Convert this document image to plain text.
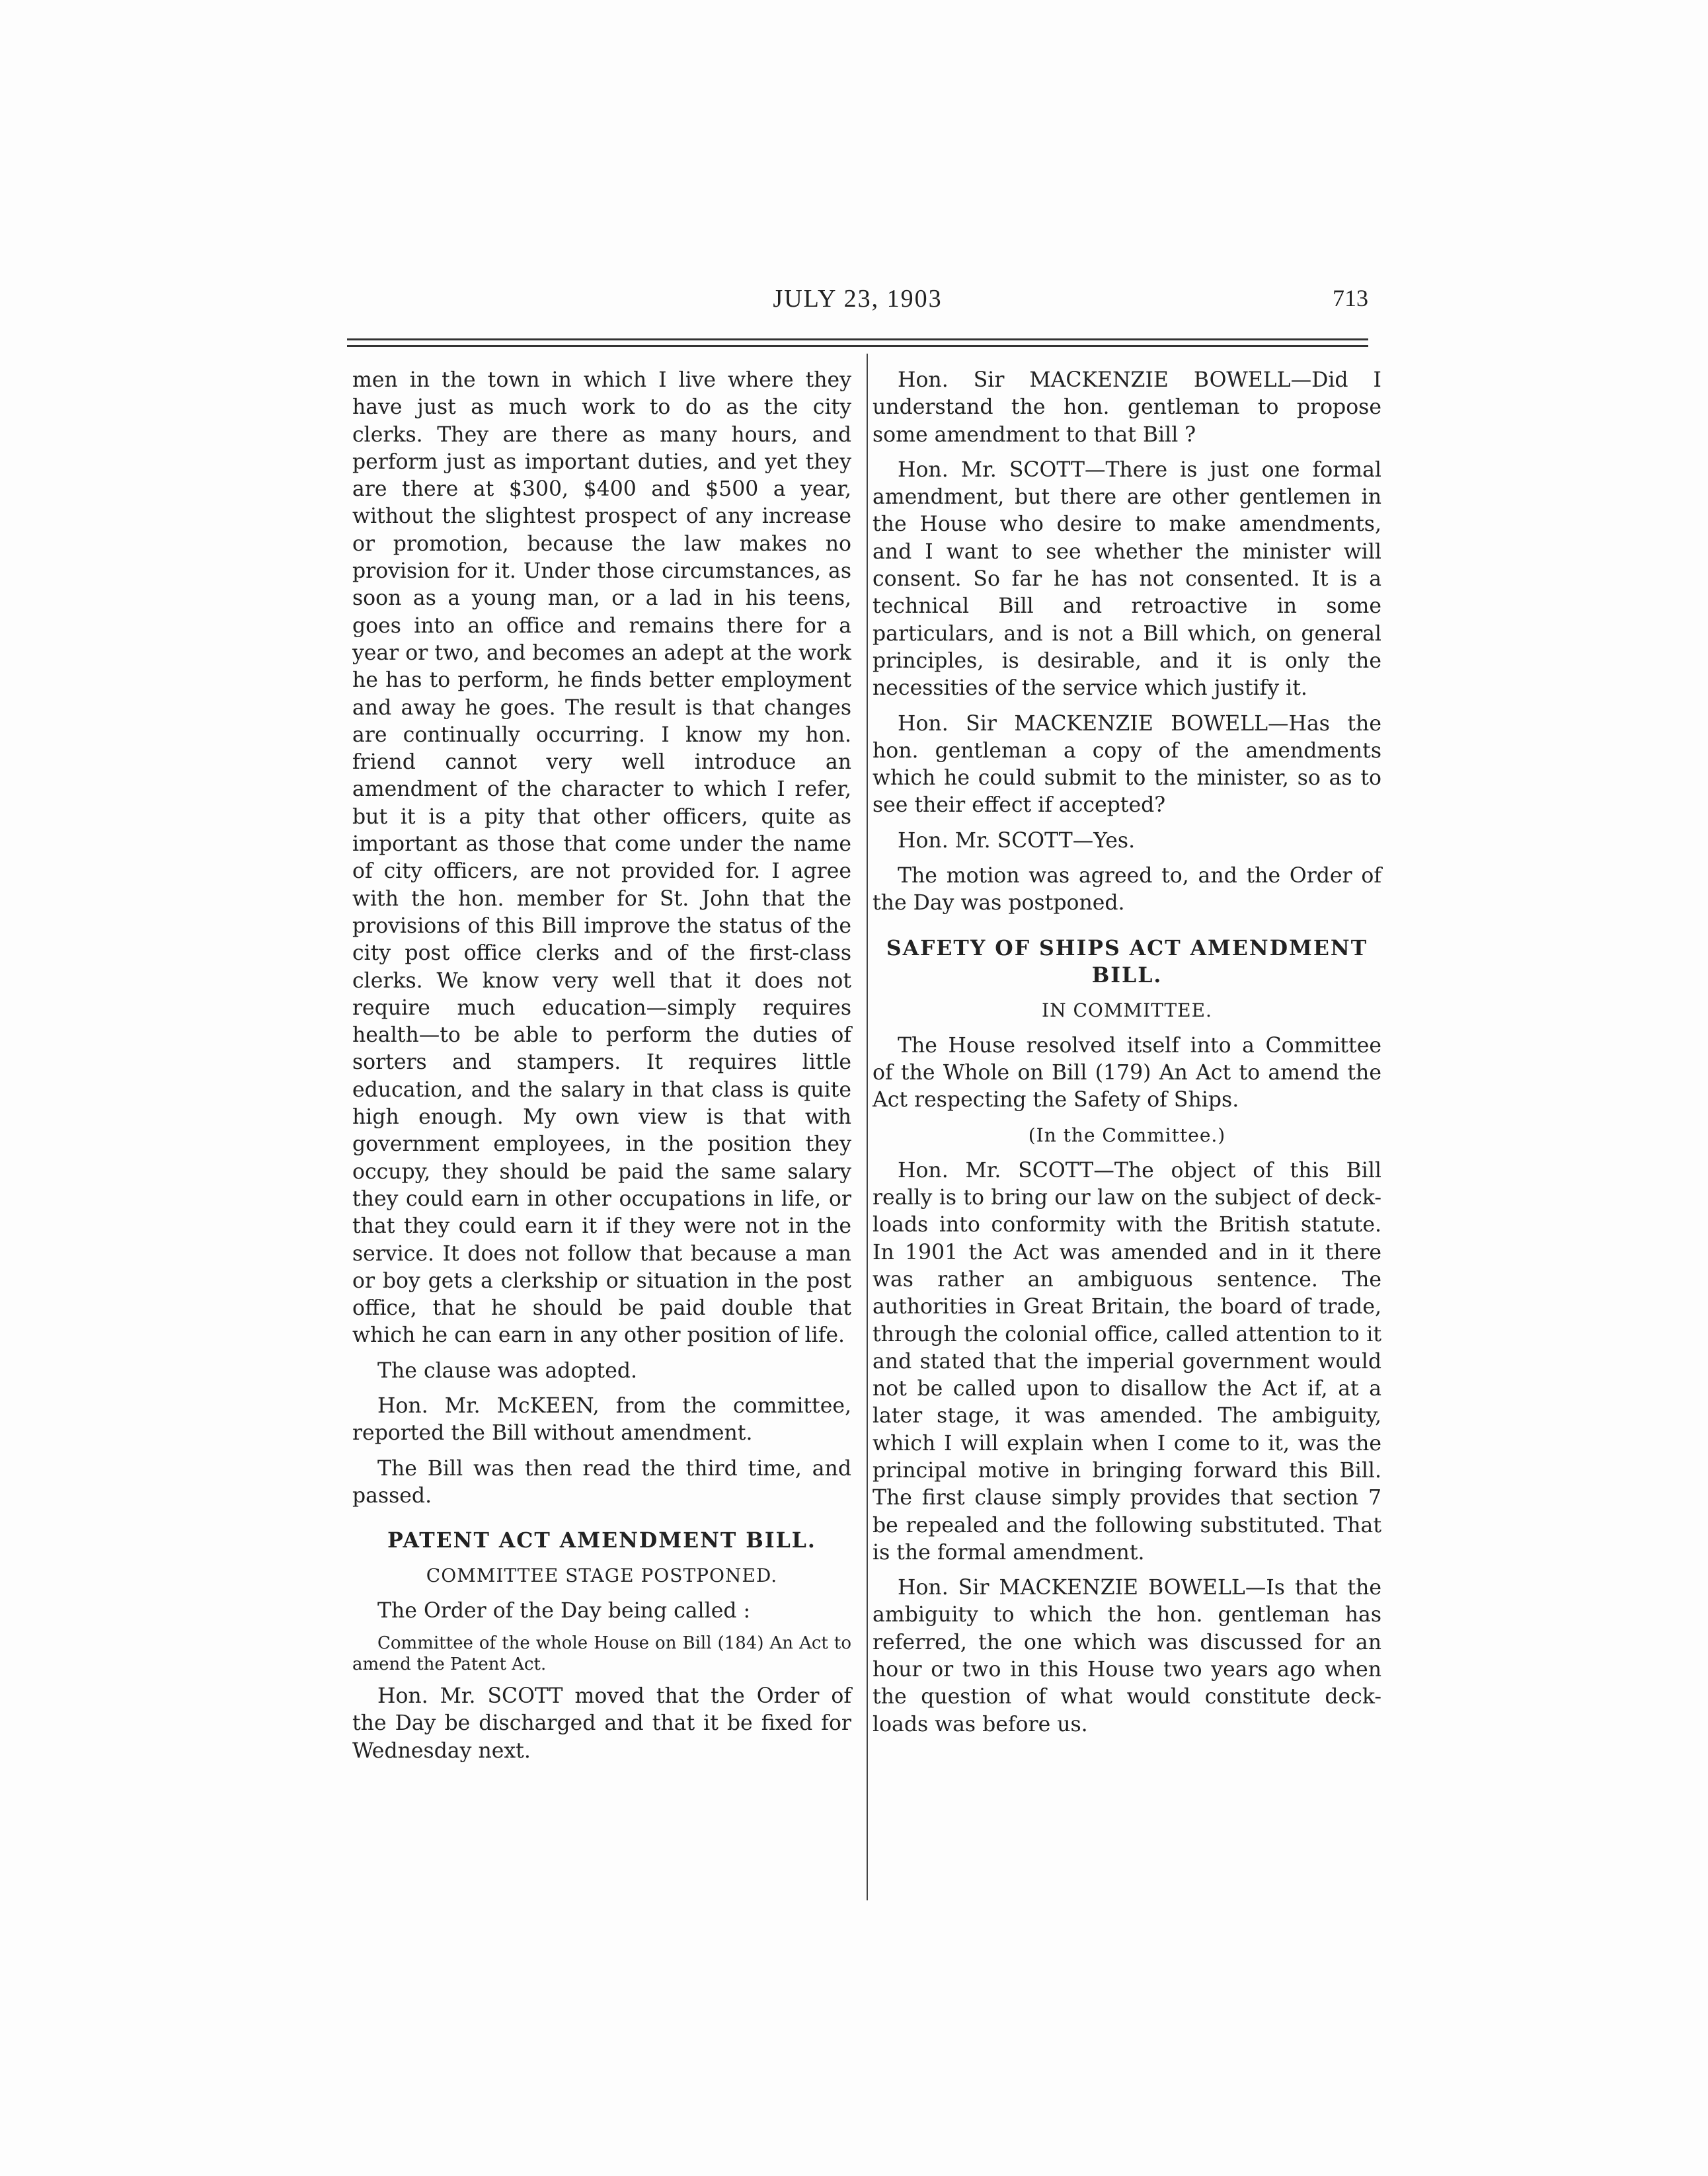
JULY 23, 1903	713

men in the town in which I live where they have just as much work to do as the city clerks. They are there as many hours, and perform just as important duties, and yet they are there at $300, $400 and $500 a year, without the slightest prospect of any increase or promotion, because the law makes no provision for it. Under those circumstances, as soon as a young man, or a lad in his teens, goes into an office and remains there for a year or two, and becomes an adept at the work he has to perform, he finds better employment and away he goes. The result is that changes are continually occurring. I know my hon. friend cannot very well introduce an amendment of the character to which I refer, but it is a pity that other officers, quite as important as those that come under the name of city officers, are not provided for. I agree with the hon. member for St. John that the provisions of this Bill improve the status of the city post office clerks and of the first-class clerks. We know very well that it does not require much education—simply requires health—to be able to perform the duties of sorters and stampers. It requires little education, and the salary in that class is quite high enough. My own view is that with government employees, in the position they occupy, they should be paid the same salary they could earn in other occupations in life, or that they could earn it if they were not in the service. It does not follow that because a man or boy gets a clerkship or situation in the post office, that he should be paid double that which he can earn in any other position of life.

The clause was adopted.

Hon. Mr. McKEEN, from the committee, reported the Bill without amendment.

The Bill was then read the third time, and passed.

PATENT ACT AMENDMENT BILL.

COMMITTEE STAGE POSTPONED.

The Order of the Day being called :

Committee of the whole House on Bill (184) An Act to amend the Patent Act.

Hon. Mr. SCOTT moved that the Order of the Day be discharged and that it be fixed for Wednesday next.

Hon. Sir MACKENZIE BOWELL—Did I understand the hon. gentleman to propose some amendment to that Bill ?

Hon. Mr. SCOTT—There is just one formal amendment, but there are other gentlemen in the House who desire to make amendments, and I want to see whether the minister will consent. So far he has not consented. It is a technical Bill and retroactive in some particulars, and is not a Bill which, on general principles, is desirable, and it is only the necessities of the service which justify it.

Hon. Sir MACKENZIE BOWELL—Has the hon. gentleman a copy of the amendments which he could submit to the minister, so as to see their effect if accepted?

Hon. Mr. SCOTT—Yes.

The motion was agreed to, and the Order of the Day was postponed.

SAFETY OF SHIPS ACT AMENDMENT BILL.

IN COMMITTEE.

The House resolved itself into a Committee of the Whole on Bill (179) An Act to amend the Act respecting the Safety of Ships.

(In the Committee.)

Hon. Mr. SCOTT—The object of this Bill really is to bring our law on the subject of deck-loads into conformity with the British statute. In 1901 the Act was amended and in it there was rather an ambiguous sentence. The authorities in Great Britain, the board of trade, through the colonial office, called attention to it and stated that the imperial government would not be called upon to disallow the Act if, at a later stage, it was amended. The ambiguity, which I will explain when I come to it, was the principal motive in bringing forward this Bill. The first clause simply provides that section 7 be repealed and the following substituted. That is the formal amendment.

Hon. Sir MACKENZIE BOWELL—Is that the ambiguity to which the hon. gentleman has referred, the one which was discussed for an hour or two in this House two years ago when the question of what would constitute deck-loads was before us.
